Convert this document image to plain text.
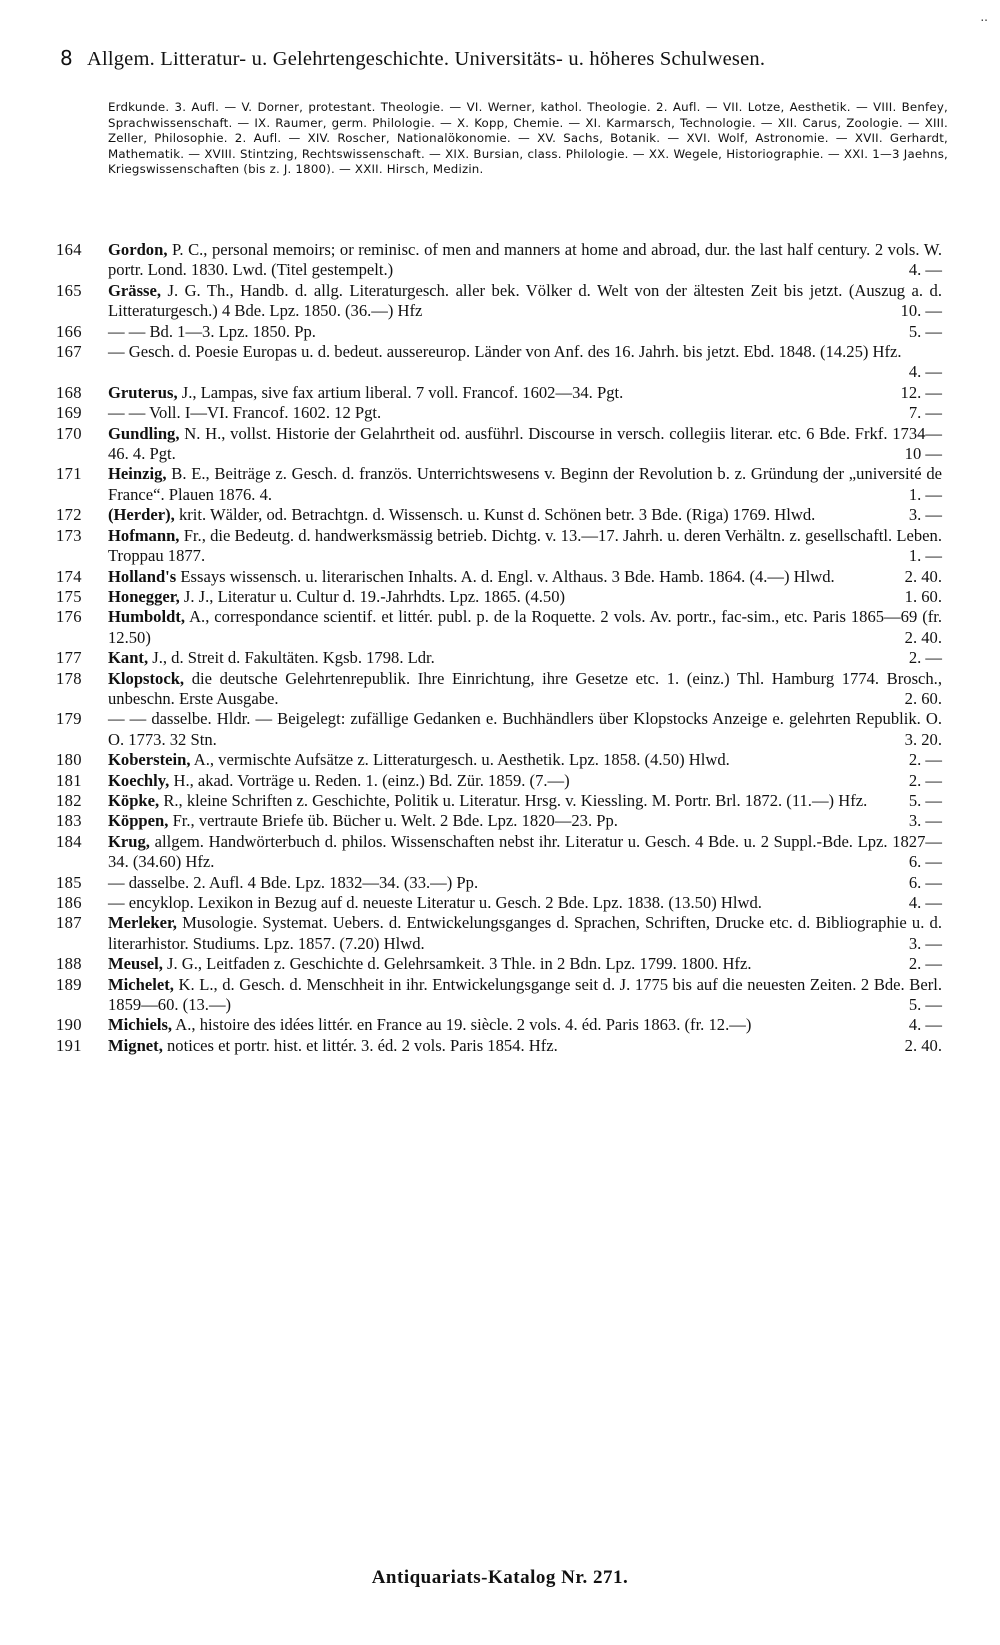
..
8 Allgem. Litteratur- u. Gelehrtengeschichte. Universitäts- u. höheres Schulwesen.
Erdkunde. 3. Aufl. — V. Dorner, protestant. Theologie. — VI. Werner, kathol. Theologie. 2. Aufl. — VII. Lotze, Aesthetik. — VIII. Benfey, Sprachwissenschaft. — IX. Raumer, germ. Philologie. — X. Kopp, Chemie. — XI. Karmarsch, Technologie. — XII. Carus, Zoologie. — XIII. Zeller, Philosophie. 2. Aufl. — XIV. Roscher, Nationalökonomie. — XV. Sachs, Botanik. — XVI. Wolf, Astronomie. — XVII. Gerhardt, Mathematik. — XVIII. Stintzing, Rechtswissenschaft. — XIX. Bursian, class. Philologie. — XX. Wegele, Historiographie. — XXI. 1—3 Jaehns, Kriegswissenschaften (bis z. J. 1800). — XXII. Hirsch, Medizin.
164	Gordon, P. C., personal memoirs; or reminisc. of men and manners at home and abroad, dur. the last half century. 2 vols. W. portr. Lond. 1830. Lwd. (Titel gestempelt.)	4. —
165	Grässe, J. G. Th., Handb. d. allg. Literaturgesch. aller bek. Völker d. Welt von der ältesten Zeit bis jetzt. (Auszug a. d. Litteraturgesch.) 4 Bde. Lpz. 1850. (36.—) Hfz	10. —
166	— — Bd. 1—3. Lpz. 1850. Pp.	5. —
167	— Gesch. d. Poesie Europas u. d. bedeut. aussereurop. Länder von Anf. des 16. Jahrh. bis jetzt. Ebd. 1848. (14.25) Hfz.
4. —
168	Gruterus, J., Lampas, sive fax artium liberal. 7 voll. Francof. 1602—34. Pgt.	12. —
169	— — Voll. I—VI. Francof. 1602. 12 Pgt.	7. —
170	Gundling, N. H., vollst. Historie der Gelahrtheit od. ausführl. Discourse in versch. collegiis literar. etc. 6 Bde. Frkf. 1734—46. 4. Pgt.	10 —
171	Heinzig, B. E., Beiträge z. Gesch. d. französ. Unterrichtswesens v. Beginn der Revolution b. z. Gründung der „université de France“. Plauen 1876. 4.	1. —
172	(Herder), krit. Wälder, od. Betrachtgn. d. Wissensch. u. Kunst d. Schönen betr. 3 Bde. (Riga) 1769. Hlwd.	3. —
173	Hofmann, Fr., die Bedeutg. d. handwerksmässig betrieb. Dichtg. v. 13.—17. Jahrh. u. deren Verhältn. z. gesellschaftl. Leben. Troppau 1877.	1. —
174	Holland's Essays wissensch. u. literarischen Inhalts. A. d. Engl. v. Althaus. 3 Bde. Hamb. 1864. (4.—) Hlwd.	2. 40.
175	Honegger, J. J., Literatur u. Cultur d. 19.-Jahrhdts. Lpz. 1865. (4.50)	1. 60.
176	Humboldt, A., correspondance scientif. et littér. publ. p. de la Roquette. 2 vols. Av. portr., fac-sim., etc. Paris 1865—69 (fr. 12.50)	2. 40.
177	Kant, J., d. Streit d. Fakultäten. Kgsb. 1798. Ldr.	2. —
178	Klopstock, die deutsche Gelehrtenrepublik. Ihre Einrichtung, ihre Gesetze etc. 1. (einz.) Thl. Hamburg 1774. Brosch., unbeschn. Erste Ausgabe.	2. 60.
179	— — dasselbe. Hldr. — Beigelegt: zufällige Gedanken e. Buchhändlers über Klopstocks Anzeige e. gelehrten Republik. O. O. 1773. 32 Stn.	3. 20.
180	Koberstein, A., vermischte Aufsätze z. Litteraturgesch. u. Aesthetik. Lpz. 1858. (4.50) Hlwd.	2. —
181	Koechly, H., akad. Vorträge u. Reden. 1. (einz.) Bd. Zür. 1859. (7.—)	2. —
182	Köpke, R., kleine Schriften z. Geschichte, Politik u. Literatur. Hrsg. v. Kiessling. M. Portr. Brl. 1872. (11.—) Hfz.	5. —
183	Köppen, Fr., vertraute Briefe üb. Bücher u. Welt. 2 Bde. Lpz. 1820—23. Pp.	3. —
184	Krug, allgem. Handwörterbuch d. philos. Wissenschaften nebst ihr. Literatur u. Gesch. 4 Bde. u. 2 Suppl.-Bde. Lpz. 1827—34. (34.60) Hfz.	6. —
185	— dasselbe. 2. Aufl. 4 Bde. Lpz. 1832—34. (33.—) Pp.	6. —
186	— encyklop. Lexikon in Bezug auf d. neueste Literatur u. Gesch. 2 Bde. Lpz. 1838. (13.50) Hlwd.	4. —
187	Merleker, Musologie. Systemat. Uebers. d. Entwickelungsganges d. Sprachen, Schriften, Drucke etc. d. Bibliographie u. d. literarhistor. Studiums. Lpz. 1857. (7.20) Hlwd.	3. —
188	Meusel, J. G., Leitfaden z. Geschichte d. Gelehrsamkeit. 3 Thle. in 2 Bdn. Lpz. 1799. 1800. Hfz.	2. —
189	Michelet, K. L., d. Gesch. d. Menschheit in ihr. Entwickelungsgange seit d. J. 1775 bis auf die neuesten Zeiten. 2 Bde. Berl. 1859—60. (13.—)	5. —
190	Michiels, A., histoire des idées littér. en France au 19. siècle. 2 vols. 4. éd. Paris 1863. (fr. 12.—)	4. —
191	Mignet, notices et portr. hist. et littér. 3. éd. 2 vols. Paris 1854. Hfz.	2. 40.
Antiquariats-Katalog Nr. 271.
